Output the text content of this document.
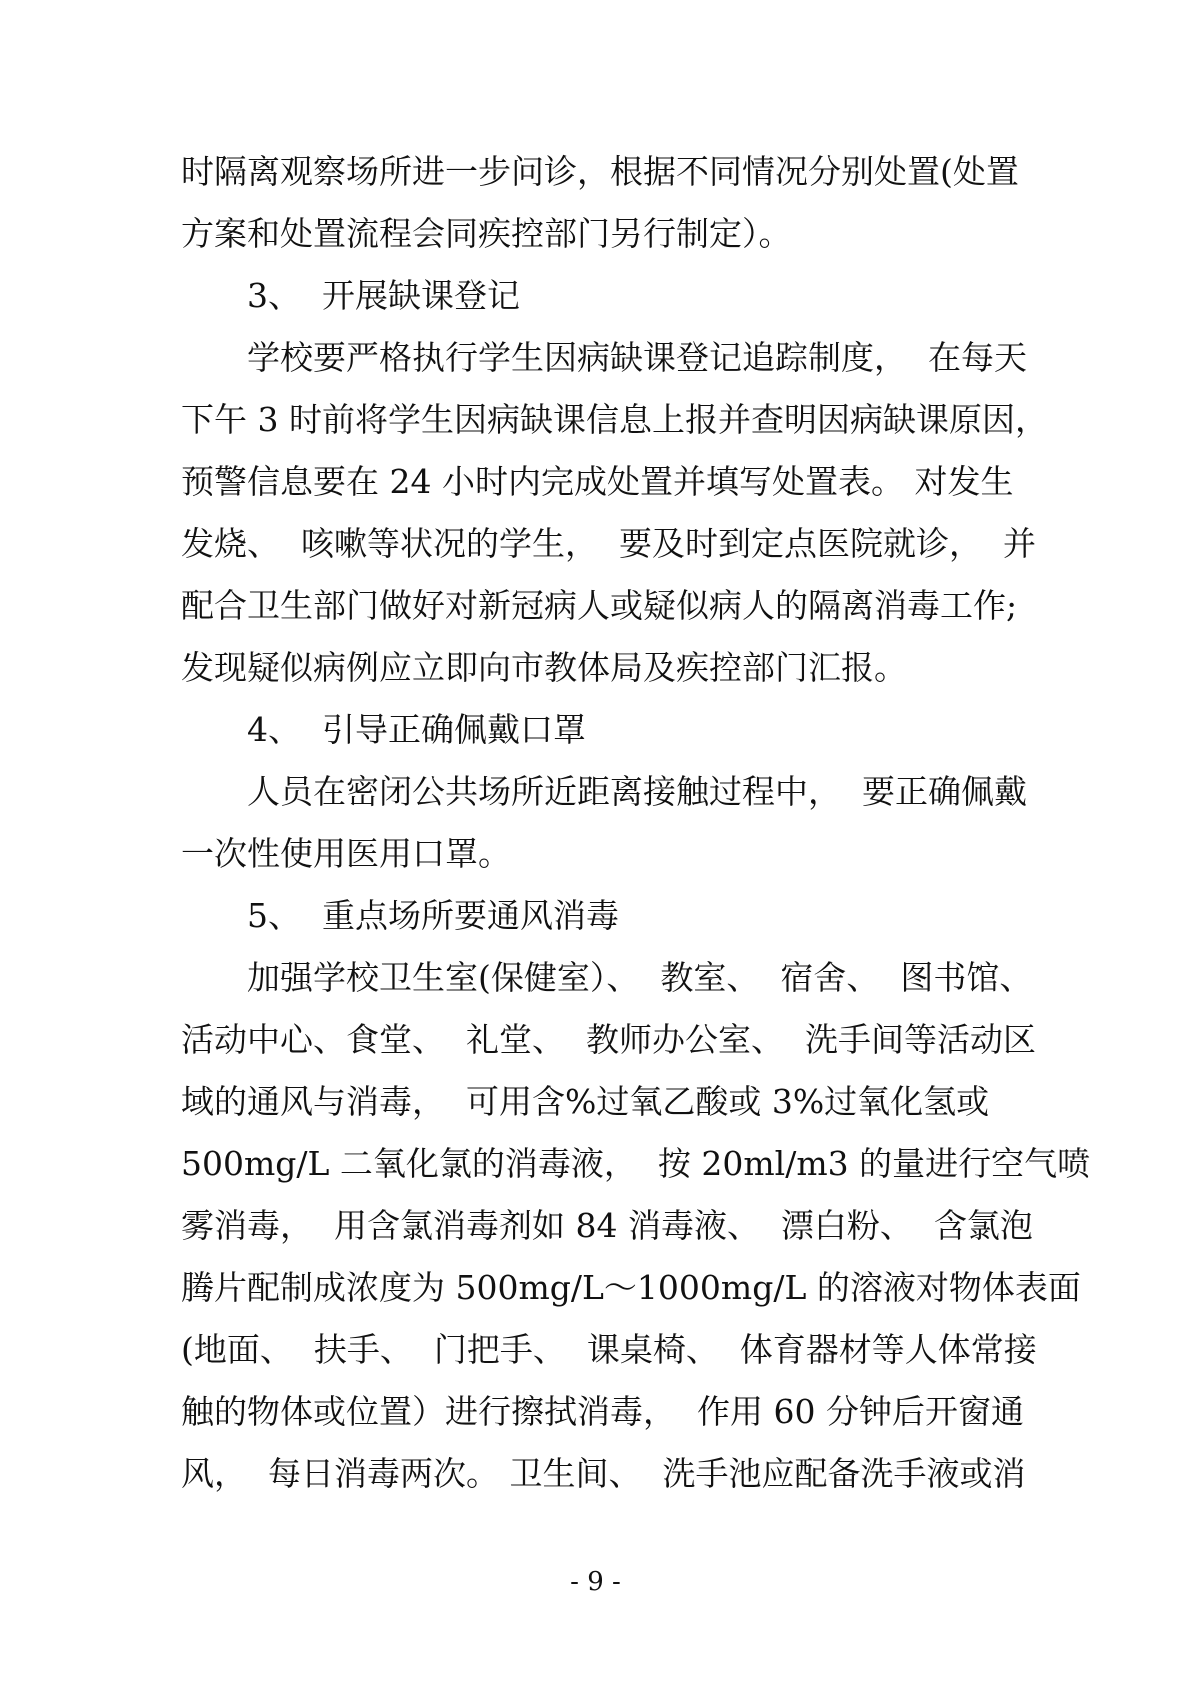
时隔离观察场所进一步问诊，根据不同情况分别处置(处置
方案和处置流程会同疾控部门另行制定）。
3、  开展缺课登记
学校要严格执行学生因病缺课登记追踪制度，  在每天
下午 3 时前将学生因病缺课信息上报并查明因病缺课原因，
预警信息要在 24 小时内完成处置并填写处置表。 对发生
发烧、  咳嗽等状况的学生，  要及时到定点医院就诊，  并
配合卫生部门做好对新冠病人或疑似病人的隔离消毒工作;
发现疑似病例应立即向市教体局及疾控部门汇报。
4、  引导正确佩戴口罩
人员在密闭公共场所近距离接触过程中，  要正确佩戴
一次性使用医用口罩。
5、  重点场所要通风消毒
加强学校卫生室(保健室）、  教室、  宿舍、  图书馆、
活动中心、食堂、  礼堂、  教师办公室、  洗手间等活动区
域的通风与消毒，  可用含%过氧乙酸或 3%过氧化氢或
500mg/L 二氧化氯的消毒液，  按 20ml/m3 的量进行空气喷
雾消毒，  用含氯消毒剂如 84 消毒液、  漂白粉、  含氯泡
腾片配制成浓度为 500mg/L～1000mg/L 的溶液对物体表面
(地面、  扶手、  门把手、  课桌椅、  体育器材等人体常接
触的物体或位置）进行擦拭消毒，  作用 60 分钟后开窗通
风，  每日消毒两次。 卫生间、  洗手池应配备洗手液或消
- 9 -
